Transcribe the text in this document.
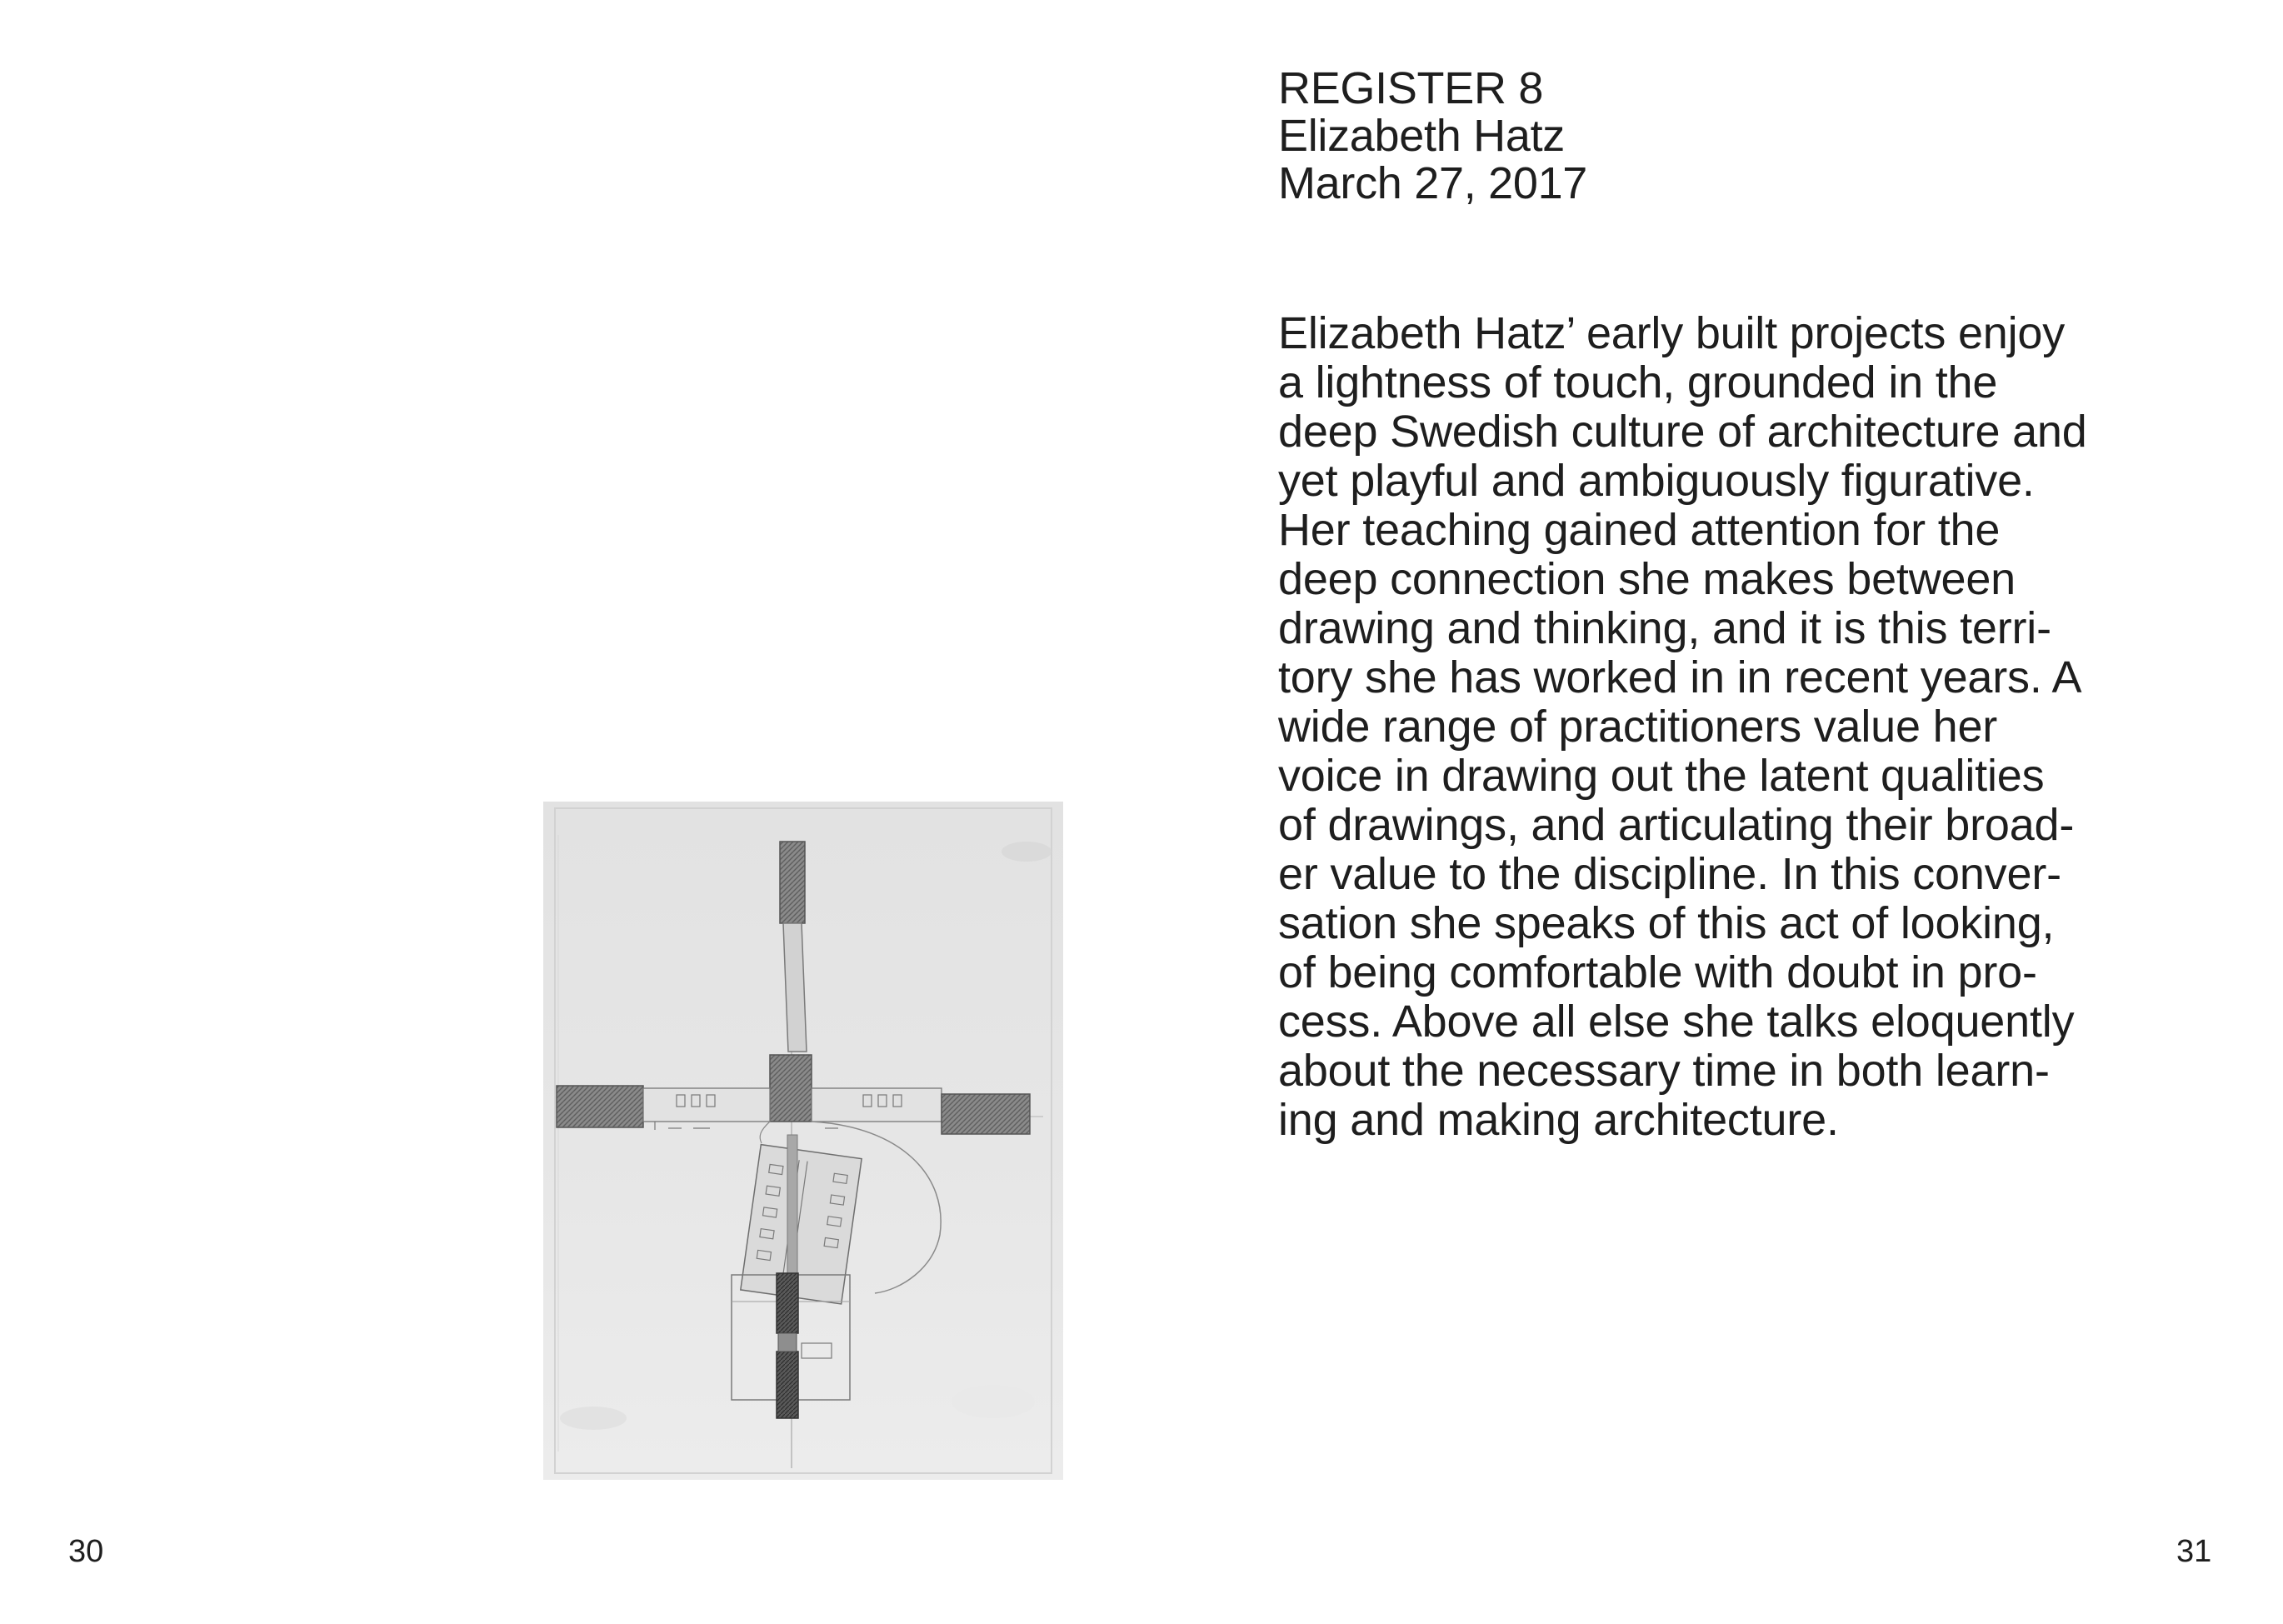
30
REGISTER 8
Elizabeth Hatz
March 27, 2017
Elizabeth Hatz’ early built projects enjoy
a lightness of touch, grounded in the
deep Swedish culture of architecture and
yet playful and ambiguously figurative.
Her teaching gained attention for the
deep connection she makes between
drawing and thinking, and it is this terri-
tory she has worked in in recent years. A
wide range of practitioners value her
voice in drawing out the latent qualities
of drawings, and articulating their broad-
er value to the discipline. In this conver-
sation she speaks of this act of looking,
of being comfortable with doubt in pro-
cess. Above all else she talks eloquently
about the necessary time in both learn-
ing and making architecture.
31
